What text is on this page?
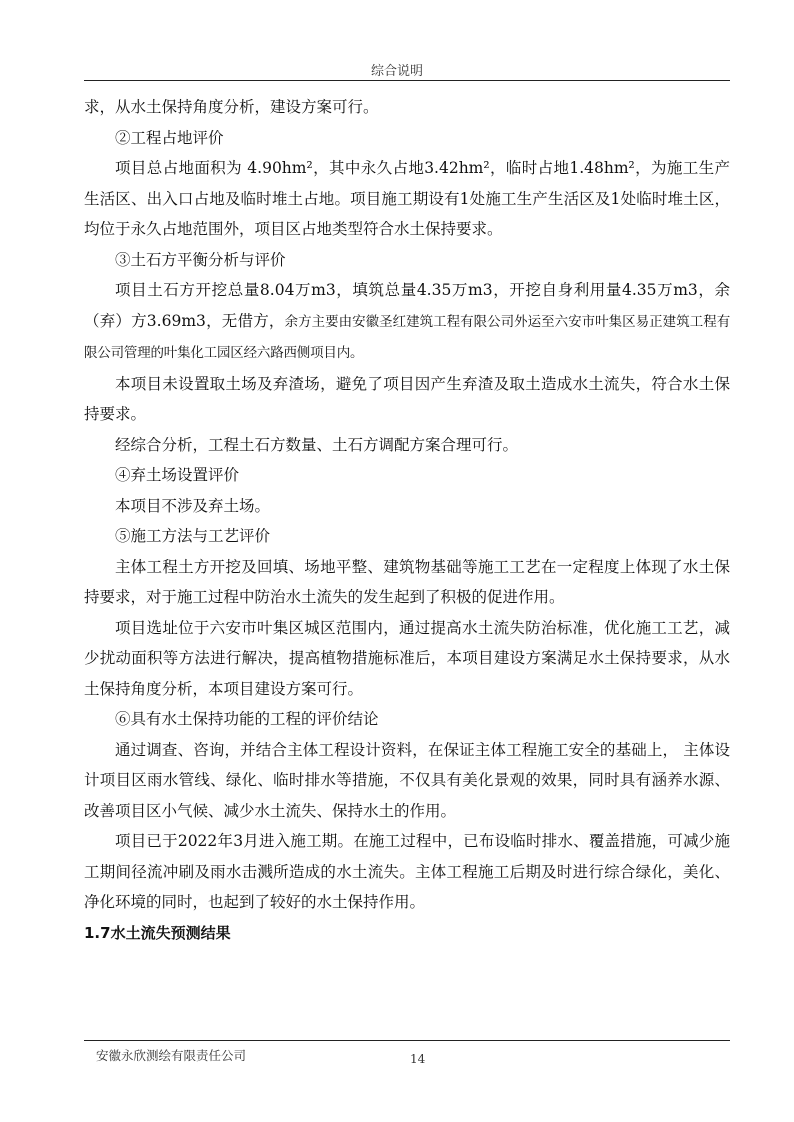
综合说明

求，从水土保持角度分析，建设方案可行。

②工程占地评价

项目总占地面积为 4.90hm²，其中永久占地3.42hm²，临时占地1.48hm²，为施工生产生活区、出入口占地及临时堆土占地。项目施工期设有1处施工生产生活区及1处临时堆土区，均位于永久占地范围外，项目区占地类型符合水土保持要求。

③土石方平衡分析与评价

项目土石方开挖总量8.04万m3，填筑总量4.35万m3，开挖自身利用量4.35万m3，余（弃）方3.69m3，无借方，余方主要由安徽圣红建筑工程有限公司外运至六安市叶集区易正建筑工程有限公司管理的叶集化工园区经六路西侧项目内。

本项目未设置取土场及弃渣场，避免了项目因产生弃渣及取土造成水土流失，符合水土保持要求。

经综合分析，工程土石方数量、土石方调配方案合理可行。

④弃土场设置评价

本项目不涉及弃土场。

⑤施工方法与工艺评价

主体工程土方开挖及回填、场地平整、建筑物基础等施工工艺在一定程度上体现了水土保持要求，对于施工过程中防治水土流失的发生起到了积极的促进作用。

项目选址位于六安市叶集区城区范围内，通过提高水土流失防治标准，优化施工工艺，减少扰动面积等方法进行解决，提高植物措施标准后，本项目建设方案满足水土保持要求，从水土保持角度分析，本项目建设方案可行。

⑥具有水土保持功能的工程的评价结论

通过调查、咨询，并结合主体工程设计资料，在保证主体工程施工安全的基础上， 主体设计项目区雨水管线、绿化、临时排水等措施，不仅具有美化景观的效果，同时具有涵养水源、改善项目区小气候、减少水土流失、保持水土的作用。

项目已于2022年3月进入施工期。在施工过程中，已布设临时排水、覆盖措施，可减少施工期间径流冲刷及雨水击溅所造成的水土流失。主体工程施工后期及时进行综合绿化，美化、净化环境的同时，也起到了较好的水土保持作用。

1.7水土流失预测结果

安徽永欣测绘有限责任公司	14
